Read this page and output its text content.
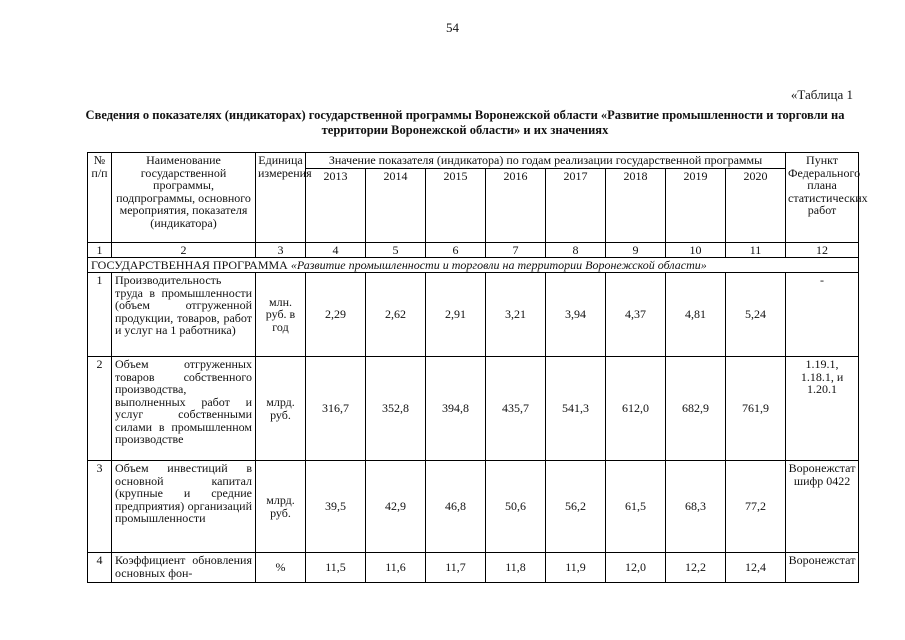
54
«Таблица 1
Сведения о показателях (индикаторах) государственной программы Воронежской области «Развитие промышленности и торговли на территории Воронежской области» и их значениях
№ п/п	Наименование государственной программы, подпрограммы, основного мероприятия, показателя (индикатора)	Единица измерения	Значение показателя (индикатора) по годам реализации государственной программы								Пункт Федерального плана статистических работ
			2013	2014	2015	2016	2017	2018	2019	2020	
1	2	3	4	5	6	7	8	9	10	11	12
ГОСУДАРСТВЕННАЯ ПРОГРАММА «Развитие промышленности и торговли на территории Воронежской области»											
1	Производительность труда в промышленности (объем отгруженной продукции, товаров, работ и услуг на 1 работника)	млн. руб. в год	2,29	2,62	2,91	3,21	3,94	4,37	4,81	5,24	-
2	Объем отгруженных товаров собственного производства, выполненных работ и услуг собственными силами в промышленном производстве	млрд. руб.	316,7	352,8	394,8	435,7	541,3	612,0	682,9	761,9	1.19.1, 1.18.1, и 1.20.1
3	Объем инвестиций в основной капитал (крупные и средние предприятия) организаций промышленности	млрд. руб.	39,5	42,9	46,8	50,6	56,2	61,5	68,3	77,2	Воронежстат шифр 0422
4	Коэффициент обновления основных фон-	%	11,5	11,6	11,7	11,8	11,9	12,0	12,2	12,4	Воронежстат
